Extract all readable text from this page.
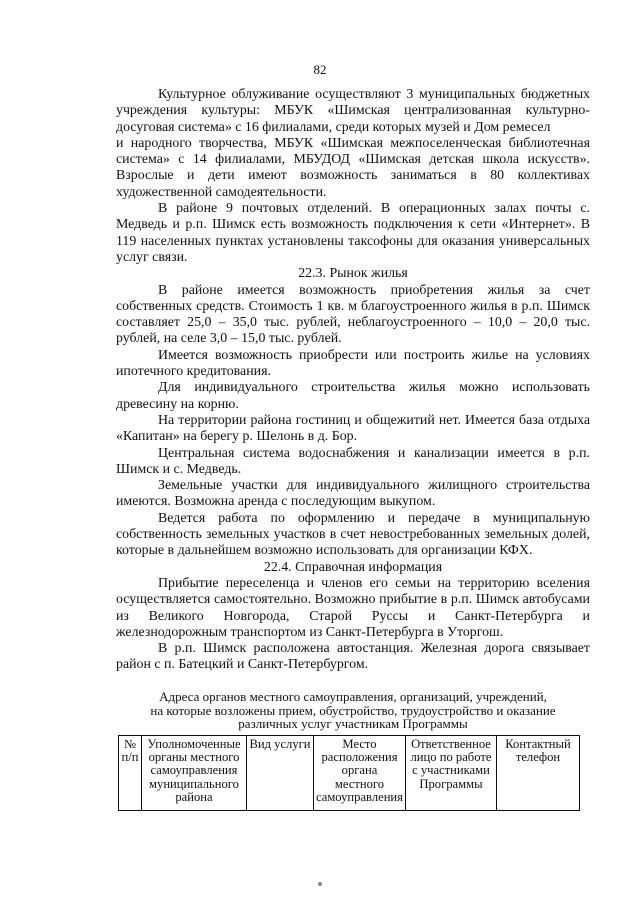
82

Культурное облуживание осуществляют 3 муниципальных бюджетных учреждения культуры: МБУК «Шимская централизованная культурно-досуговая система» с 16 филиалами, среди которых музей и Дом ремесел

и народного творчества, МБУК «Шимская межпоселенческая библиотечная система» с 14 филиалами, МБУДОД «Шимская детская школа искусств». Взрослые и дети имеют возможность заниматься в 80 коллективах художественной самодеятельности.

В районе 9 почтовых отделений. В операционных залах почты с. Медведь и р.п. Шимск есть возможность подключения к сети «Интернет». В 119 населенных пунктах установлены таксофоны для оказания универсальных услуг связи.

22.3. Рынок жилья

В районе имеется возможность приобретения жилья за счет собственных средств. Стоимость 1 кв. м благоустроенного жилья в р.п. Шимск составляет 25,0 – 35,0 тыс. рублей, неблагоустроенного – 10,0 – 20,0 тыс. рублей, на селе 3,0 – 15,0 тыс. рублей.

Имеется возможность приобрести или построить жилье на условиях ипотечного кредитования.

Для индивидуального строительства жилья можно использовать древесину на корню.

На территории района гостиниц и общежитий нет. Имеется база отдыха «Капитан» на берегу р. Шелонь в д. Бор.

Центральная система водоснабжения и канализации имеется в р.п. Шимск и с. Медведь.

Земельные участки для индивидуального жилищного строительства имеются. Возможна аренда с последующим выкупом.

Ведется работа по оформлению и передаче в муниципальную собственность земельных участков в счет невостребованных земельных долей, которые в дальнейшем возможно использовать для организации КФХ.

22.4. Справочная информация

Прибытие переселенца и членов его семьи на территорию вселения осуществляется самостоятельно. Возможно прибытие в р.п. Шимск автобусами из Великого Новгорода, Старой Руссы и Санкт-Петербурга и железнодорожным транспортом из Санкт-Петербурга в Уторгош.

В р.п. Шимск расположена автостанция. Железная дорога связывает район с п. Батецкий и Санкт-Петербургом.

Адреса органов местного самоуправления, организаций, учреждений,
на которые возложены прием, обустройство, трудоустройство и оказание
различных услуг участникам Программы
№ п/п	Уполномоченные органы местного самоуправления муниципального района	Вид услуги	Место расположения органа местного самоуправления	Ответственное лицо по работе с участниками Программы	Контактный телефон
